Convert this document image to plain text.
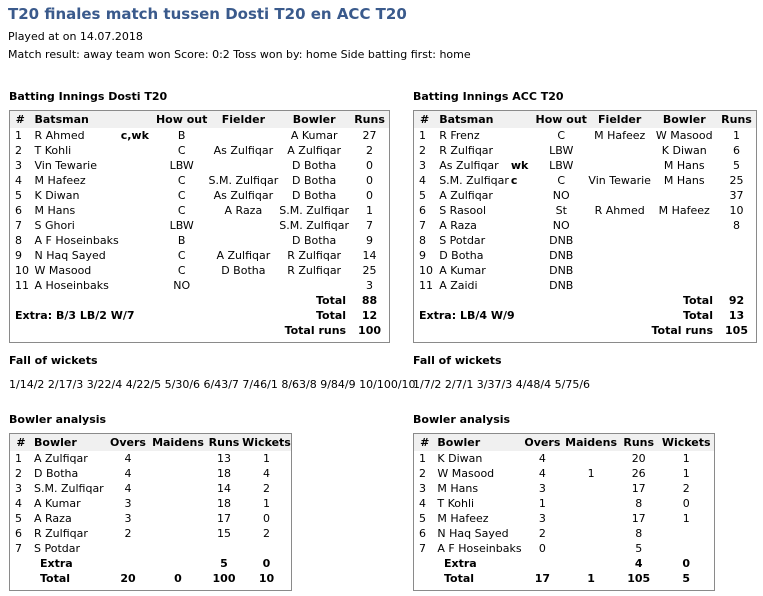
T20 finales match tussen Dosti T20 en ACC T20
Played at on 14.07.2018
Match result: away team won Score: 0:2 Toss won by: home Side batting first: home
Batting Innings Dosti T20
#	Batsman		How out	Fielder	Bowler	Runs
1	R Ahmed	c,wk	B		A Kumar	27
2	T Kohli		C	As Zulfiqar	A Zulfiqar	2
3	Vin Tewarie		LBW		D Botha	0
4	M Hafeez		C	S.M. Zulfiqar	D Botha	0
5	K Diwan		C	As Zulfiqar	D Botha	0
6	M Hans		C	A Raza	S.M. Zulfiqar	1
7	S Ghori		LBW		S.M. Zulfiqar	7
8	A F Hoseinbaks		B		D Botha	9
9	N Haq Sayed		C	A Zulfiqar	R Zulfiqar	14
10	W Masood		C	D Botha	R Zulfiqar	25
11	A Hoseinbaks		NO			3
					Total	88
Extra: B/3 LB/2 W/7					Total	12
					Total runs	100
Fall of wickets
1/14/2 2/17/3 3/22/4 4/22/5 5/30/6 6/43/7 7/46/1 8/63/8 9/84/9 10/100/10
Bowler analysis
#	Bowler	Overs	Maidens	Runs	Wickets
1	A Zulfiqar	4		13	1
2	D Botha	4		18	4
3	S.M. Zulfiqar	4		14	2
4	A Kumar	3		18	1
5	A Raza	3		17	0
6	R Zulfiqar	2		15	2
7	S Potdar				
Extra				5	0
Total		20	0	100	10
Batting Innings ACC T20
#	Batsman		How out	Fielder	Bowler	Runs
1	R Frenz		C	M Hafeez	W Masood	1
2	R Zulfiqar		LBW		K Diwan	6
3	As Zulfiqar	wk	LBW		M Hans	5
4	S.M. Zulfiqar	c	C	Vin Tewarie	M Hans	25
5	A Zulfiqar		NO			37
6	S Rasool		St	R Ahmed	M Hafeez	10
7	A Raza		NO			8
8	S Potdar		DNB			
9	D Botha		DNB			
10	A Kumar		DNB			
11	A Zaidi		DNB			
					Total	92
Extra: LB/4 W/9					Total	13
					Total runs	105
Fall of wickets
1/7/2 2/7/1 3/37/3 4/48/4 5/75/6
Bowler analysis
#	Bowler	Overs	Maidens	Runs	Wickets
1	K Diwan	4		20	1
2	W Masood	4	1	26	1
3	M Hans	3		17	2
4	T Kohli	1		8	0
5	M Hafeez	3		17	1
6	N Haq Sayed	2		8	
7	A F Hoseinbaks	0		5	
Extra				4	0
Total		17	1	105	5
